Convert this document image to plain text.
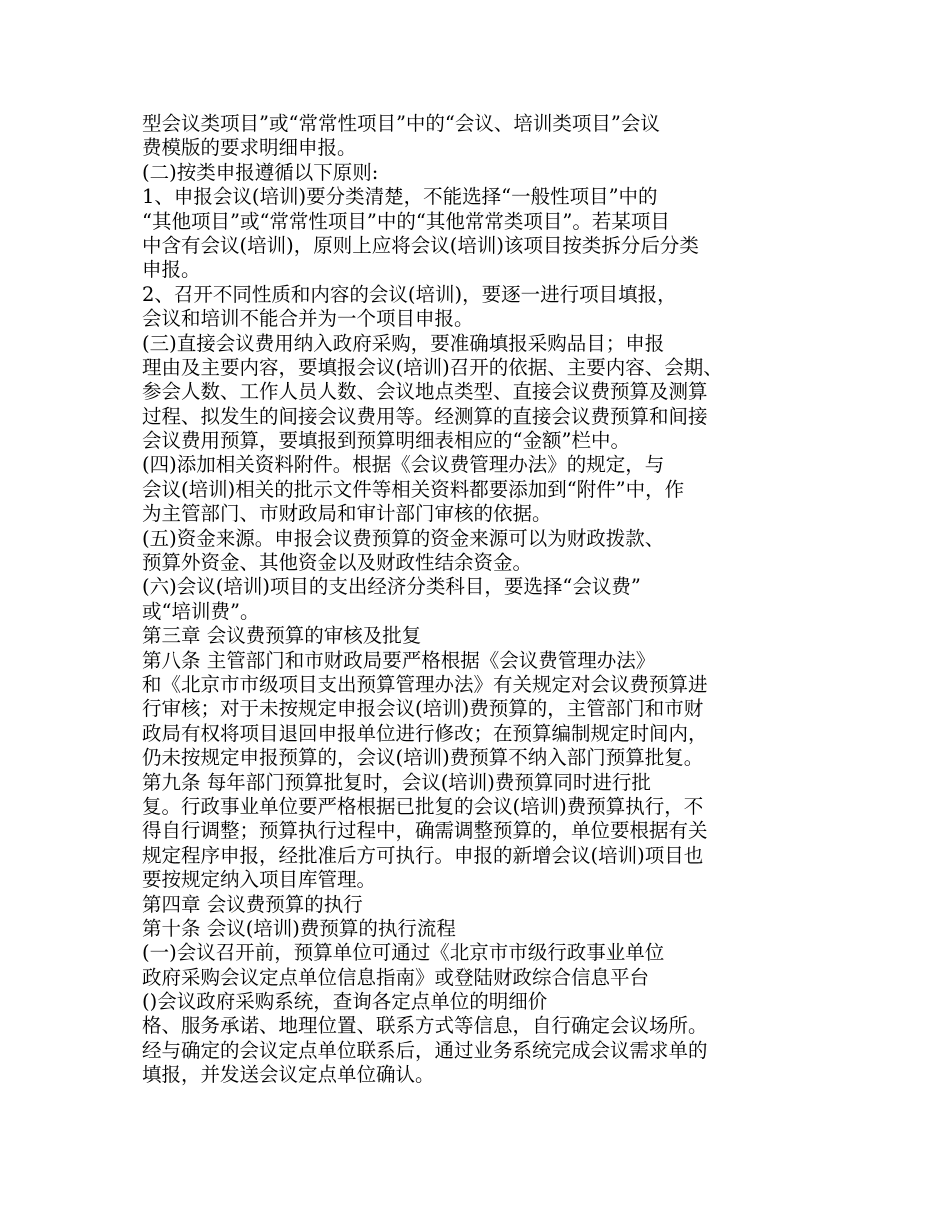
型会议类项目”或“常常性项目”中的“会议、培训类项目”会议
费模版的要求明细申报。
(二)按类申报遵循以下原则:
1、申报会议(培训)要分类清楚，不能选择“一般性项目”中的
“其他项目”或“常常性项目”中的“其他常常类项目”。若某项目
中含有会议(培训)，原则上应将会议(培训)该项目按类拆分后分类
申报。
2、召开不同性质和内容的会议(培训)，要逐一进行项目填报，
会议和培训不能合并为一个项目申报。
(三)直接会议费用纳入政府采购，要准确填报采购品目；申报
理由及主要内容，要填报会议(培训)召开的依据、主要内容、会期、
参会人数、工作人员人数、会议地点类型、直接会议费预算及测算
过程、拟发生的间接会议费用等。经测算的直接会议费预算和间接
会议费用预算，要填报到预算明细表相应的“金额”栏中。
(四)添加相关资料附件。根据《会议费管理办法》的规定，与
会议(培训)相关的批示文件等相关资料都要添加到“附件”中，作
为主管部门、市财政局和审计部门审核的依据。
(五)资金来源。申报会议费预算的资金来源可以为财政拨款、
预算外资金、其他资金以及财政性结余资金。
(六)会议(培训)项目的支出经济分类科目，要选择“会议费”
或“培训费”。
第三章 会议费预算的审核及批复
第八条 主管部门和市财政局要严格根据《会议费管理办法》
和《北京市市级项目支出预算管理办法》有关规定对会议费预算进
行审核；对于未按规定申报会议(培训)费预算的，主管部门和市财
政局有权将项目退回申报单位进行修改；在预算编制规定时间内，
仍未按规定申报预算的，会议(培训)费预算不纳入部门预算批复。
第九条 每年部门预算批复时，会议(培训)费预算同时进行批
复。行政事业单位要严格根据已批复的会议(培训)费预算执行，不
得自行调整；预算执行过程中，确需调整预算的，单位要根据有关
规定程序申报，经批准后方可执行。申报的新增会议(培训)项目也
要按规定纳入项目库管理。
第四章 会议费预算的执行
第十条 会议(培训)费预算的执行流程
(一)会议召开前，预算单位可通过《北京市市级行政事业单位
政府采购会议定点单位信息指南》或登陆财政综合信息平台
()会议政府采购系统，查询各定点单位的明细价
格、服务承诺、地理位置、联系方式等信息，自行确定会议场所。
经与确定的会议定点单位联系后，通过业务系统完成会议需求单的
填报，并发送会议定点单位确认。
